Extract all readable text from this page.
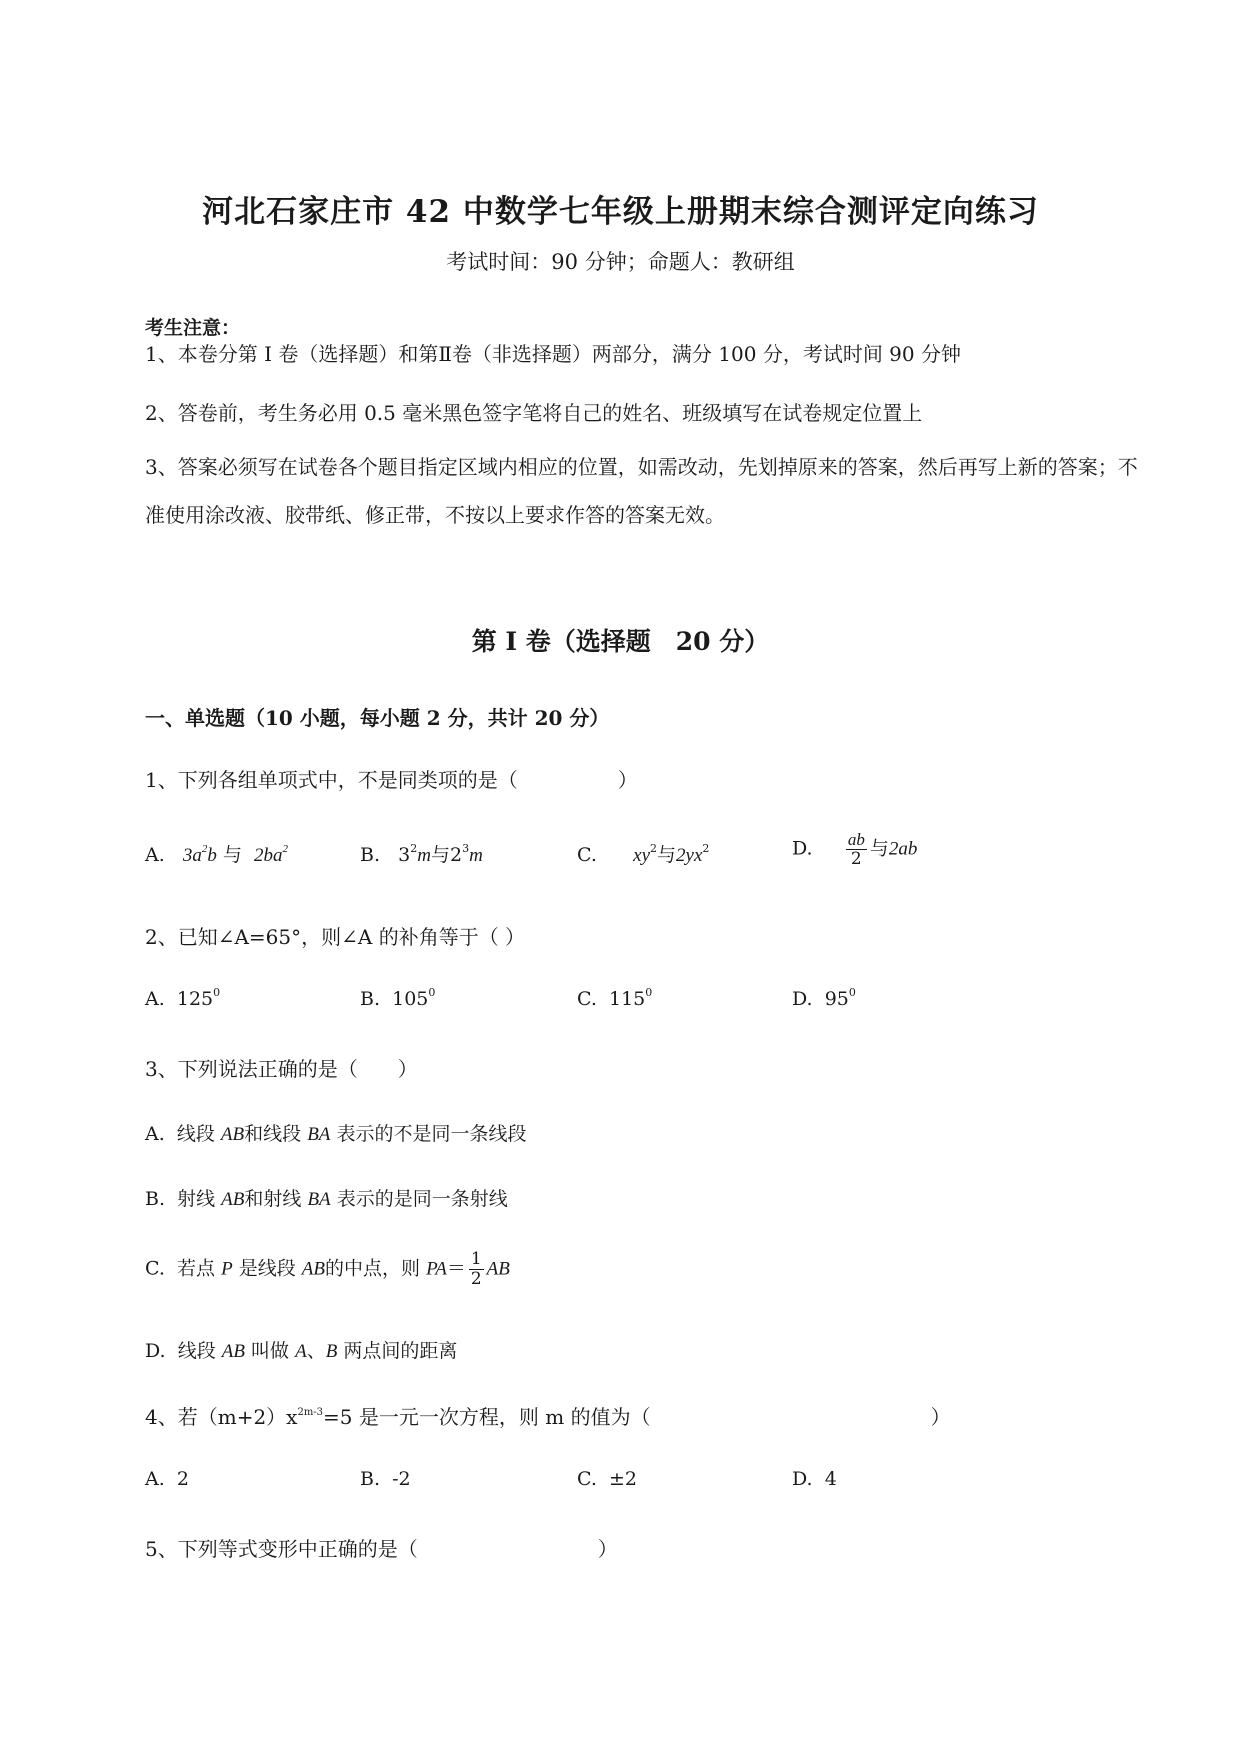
河北石家庄市 42 中数学七年级上册期末综合测评定向练习
考试时间：90 分钟；命题人：教研组
考生注意：
1、本卷分第 I 卷（选择题）和第Ⅱ卷（非选择题）两部分，满分 100 分，考试时间 90 分钟
2、答卷前，考生务必用 0.5 毫米黑色签字笔将自己的姓名、班级填写在试卷规定位置上
3、答案必须写在试卷各个题目指定区域内相应的位置，如需改动，先划掉原来的答案，然后再写上新的答案；不准使用涂改液、胶带纸、修正带，不按以上要求作答的答案无效。
第 I 卷（选择题　20 分）
一、单选题（10 小题，每小题 2 分，共计 20 分）
1、下列各组单项式中，不是同类项的是（　　　　　）
A. $3a^2b$ 与 $2ba^2$	B. $3^2m$与$2^3m$	C. $xy^2$与$2yx^2$	D. $\frac{ab}{2}$ 与2ab
2、已知∠A=65°，则∠A 的补角等于（ ）
A. $125^0$	B. $105^0$	C. $115^0$	D. $95^0$
3、下列说法正确的是（　　）
A. 线段 AB和线段 BA 表示的不是同一条线段
B. 射线 AB和射线 BA 表示的是同一条射线
C. 若点 P 是线段 AB的中点，则 $PA= \frac{1}{2}$ AB
D. 线段 AB 叫做 A、B 两点间的距离
4、若$(m+2)x^{2m-3}=5$ 是一元一次方程，则 m 的值为（　　　　　　　　　　　　　　）
A. 2	B. -2	C. ±2	D. 4
5、下列等式变形中正确的是（　　　　　　　　　）
